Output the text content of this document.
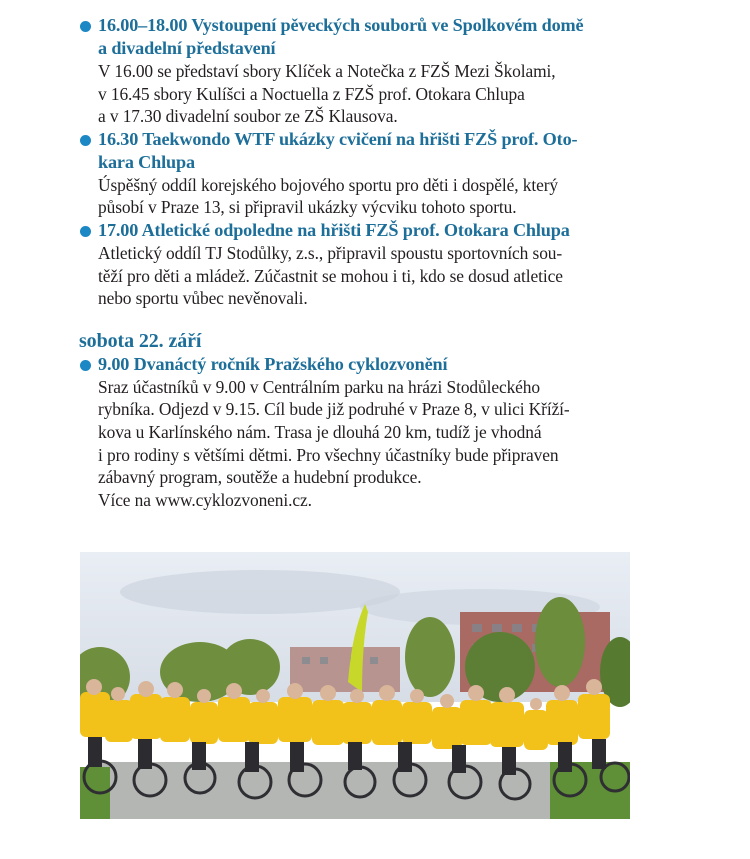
16.00–18.00 Vystoupení pěveckých souborů ve Spolkovém domě
a divadelní představení
V 16.00 se představí sbory Klíček a Notečka z FZŠ Mezi Školami,
v 16.45 sbory Kulíšci a Noctuella z FZŠ prof. Otokara Chlupa
a v 17.30 divadelní soubor ze ZŠ Klausova.
16.30 Taekwondo WTF ukázky cvičení na hřišti FZŠ prof. Oto-
kara Chlupa
Úspěšný oddíl korejského bojového sportu pro děti i dospělé, který
působí v Praze 13, si připravil ukázky výcviku tohoto sportu.
17.00 Atletické odpoledne na hřišti FZŠ prof. Otokara Chlupa
Atletický oddíl TJ Stodůlky, z.s., připravil spoustu sportovních sou-
těží pro děti a mládež. Zúčastnit se mohou i ti, kdo se dosud atletice
nebo sportu vůbec nevěnovali.
sobota 22. září
9.00 Dvanáctý ročník Pražského cyklozvonění
Sraz účastníků v 9.00 v Centrálním parku na hrázi Stodůleckého
rybníka. Odjezd v 9.15. Cíl bude již podruhé v Praze 8, v ulici Kříží-
kova u Karlínského nám. Trasa je dlouhá 20 km, tudíž je vhodná
i pro rodiny s většími dětmi. Pro všechny účastníky bude připraven
zábavný program, soutěže a hudební produkce.
Více na www.cyklozvoneni.cz.
